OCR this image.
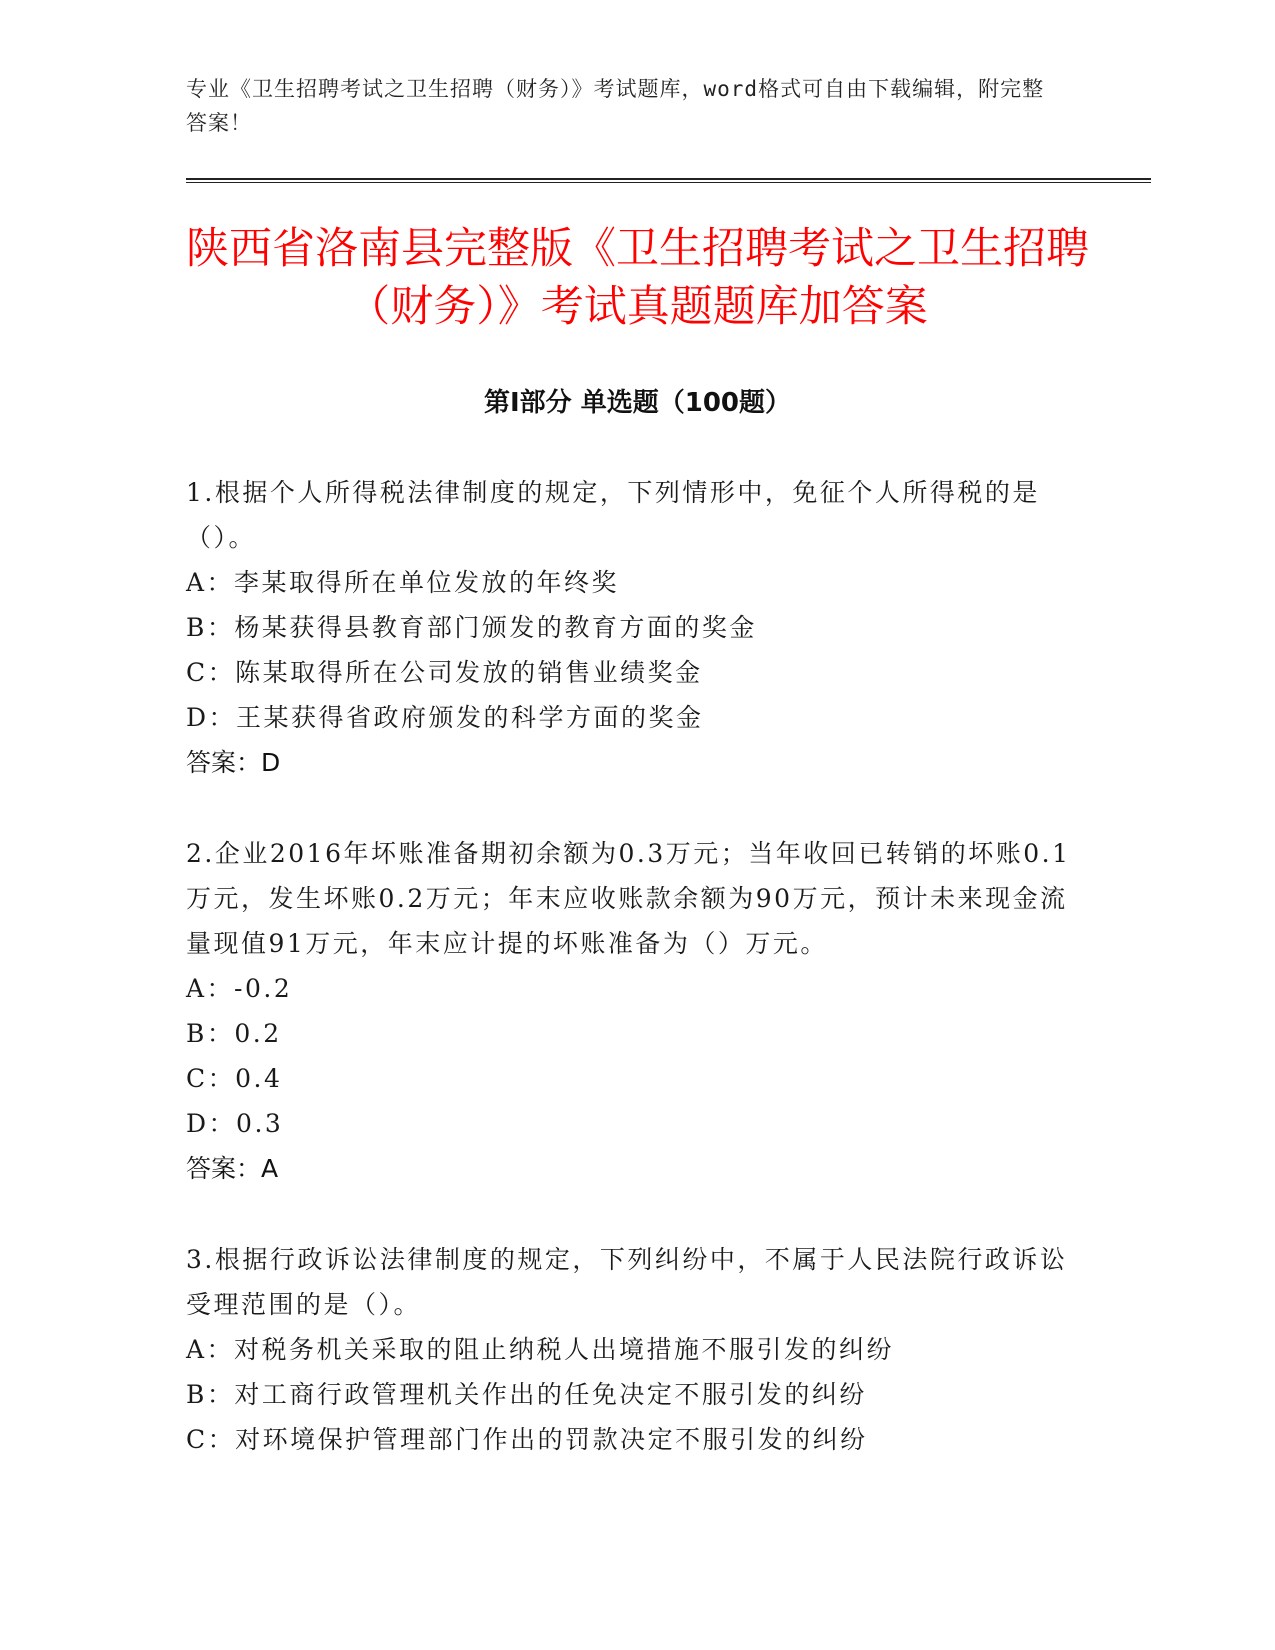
专业《卫生招聘考试之卫生招聘（财务）》考试题库，word格式可自由下载编辑，附完整答案！
陕西省洛南县完整版《卫生招聘考试之卫生招聘（财务）》考试真题题库加答案
第Ⅰ部分 单选题（100题）
1.根据个人所得税法律制度的规定，下列情形中，免征个人所得税的是（）。
A：李某取得所在单位发放的年终奖
B：杨某获得县教育部门颁发的教育方面的奖金
C：陈某取得所在公司发放的销售业绩奖金
D：王某获得省政府颁发的科学方面的奖金
答案：D
2.企业2016年坏账准备期初余额为0.3万元；当年收回已转销的坏账0.1万元，发生坏账0.2万元；年末应收账款余额为90万元，预计未来现金流量现值91万元，年末应计提的坏账准备为（）万元。
A：-0.2
B：0.2
C：0.4
D：0.3
答案：A
3.根据行政诉讼法律制度的规定，下列纠纷中，不属于人民法院行政诉讼受理范围的是（）。
A：对税务机关采取的阻止纳税人出境措施不服引发的纠纷
B：对工商行政管理机关作出的任免决定不服引发的纠纷
C：对环境保护管理部门作出的罚款决定不服引发的纠纷
